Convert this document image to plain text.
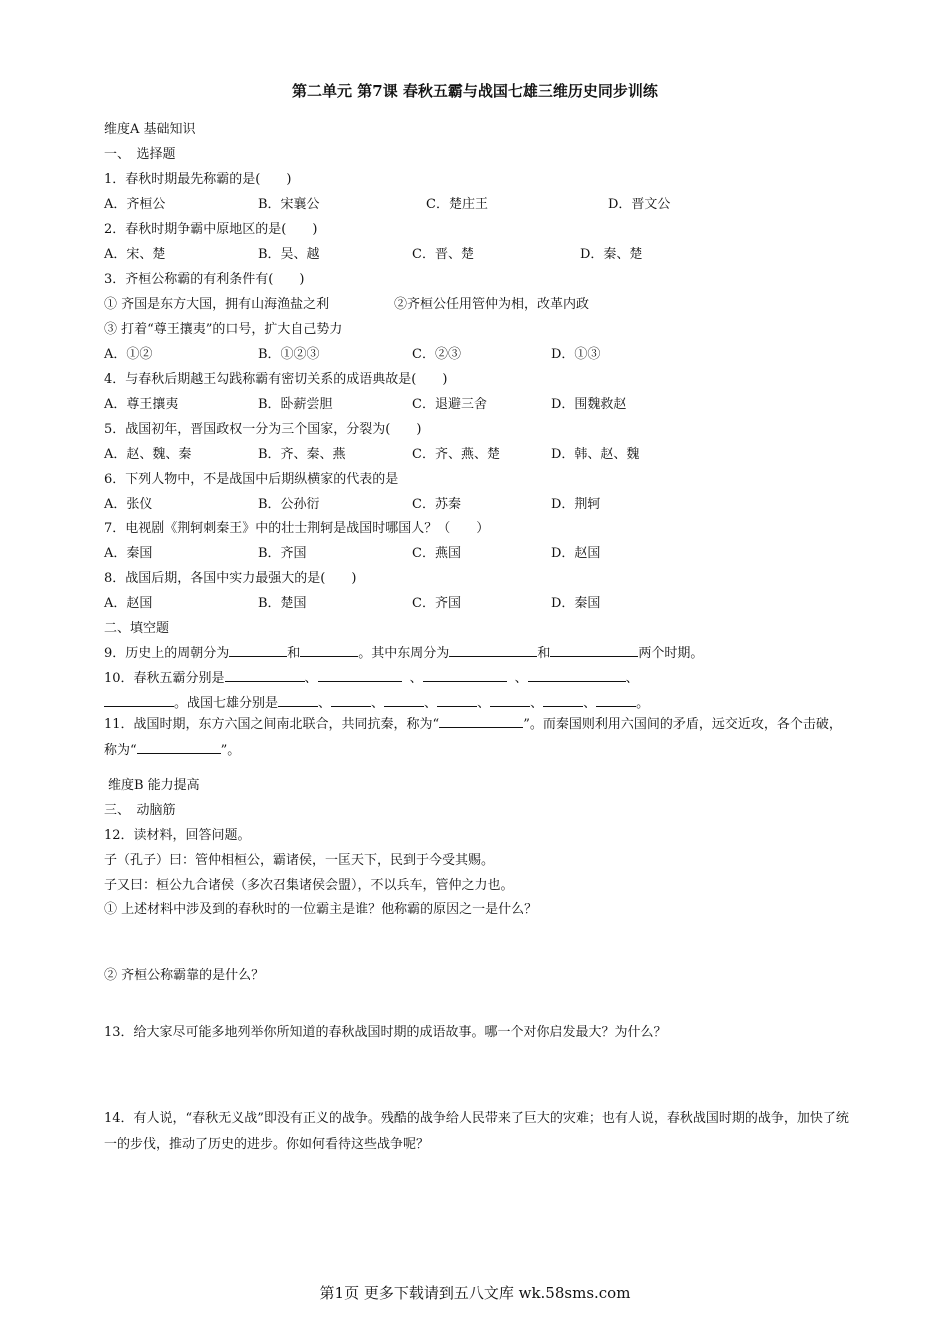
第二单元 第7课 春秋五霸与战国七雄三维历史同步训练
维度A 基础知识
一、　选择题
1．春秋时期最先称霸的是(　　)
A．齐桓公	B．宋襄公	C．楚庄王	D．晋文公
2．春秋时期争霸中原地区的是(　　)
A．宋、楚	B．吴、越	C．晋、楚	D．秦、楚
3．齐桓公称霸的有利条件有(　　)
① 齐国是东方大国，拥有山海渔盐之利	②齐桓公任用管仲为相，改革内政
③ 打着“尊王攘夷”的口号，扩大自己势力
A．①②	B．①②③	C．②③	D．①③
4．与春秋后期越王勾践称霸有密切关系的成语典故是(　　)
A．尊王攘夷	B．卧薪尝胆	C．退避三舍	D．围魏救赵
5．战国初年，晋国政权一分为三个国家，分裂为(　　)
A．赵、魏、秦	B．齐、秦、燕	C．齐、燕、楚	D．韩、赵、魏
6．下列人物中，不是战国中后期纵横家的代表的是
A．张仪	B．公孙衍	C．苏秦	D．荆轲
7．电视剧《荆轲刺秦王》中的壮士荆轲是战国时哪国人？（　　）
A．秦国	B．齐国	C．燕国	D．赵国
8．战国后期，各国中实力最强大的是(　　)
A．赵国	B．楚国	C．齐国	D．秦国
二、填空题
9．历史上的周朝分为	和	。其中东周分为	和	两个时期。
10．春秋五霸分别是	、	、	、	、
。战国七雄分别是	、	、	、	、	、	、	。
11．战国时期，东方六国之间南北联合，共同抗秦，称为“	”。而秦国则利用六国间的矛盾，远交近攻，各个击破，称为“	”。
维度B 能力提高
三、　动脑筋
12．读材料，回答问题。
子（孔子）曰：管仲相桓公，霸诸侯，一匡天下，民到于今受其赐。
子又曰：桓公九合诸侯（多次召集诸侯会盟），不以兵车，管仲之力也。
① 上述材料中涉及到的春秋时的一位霸主是谁？他称霸的原因之一是什么？
② 齐桓公称霸靠的是什么？
13．给大家尽可能多地列举你所知道的春秋战国时期的成语故事。哪一个对你启发最大？为什么？
14．有人说，“春秋无义战”即没有正义的战争。残酷的战争给人民带来了巨大的灾难；也有人说，春秋战国时期的战争，加快了统一的步伐，推动了历史的进步。你如何看待这些战争呢？
第1页 更多下载请到五八文库 wk.58sms.com
